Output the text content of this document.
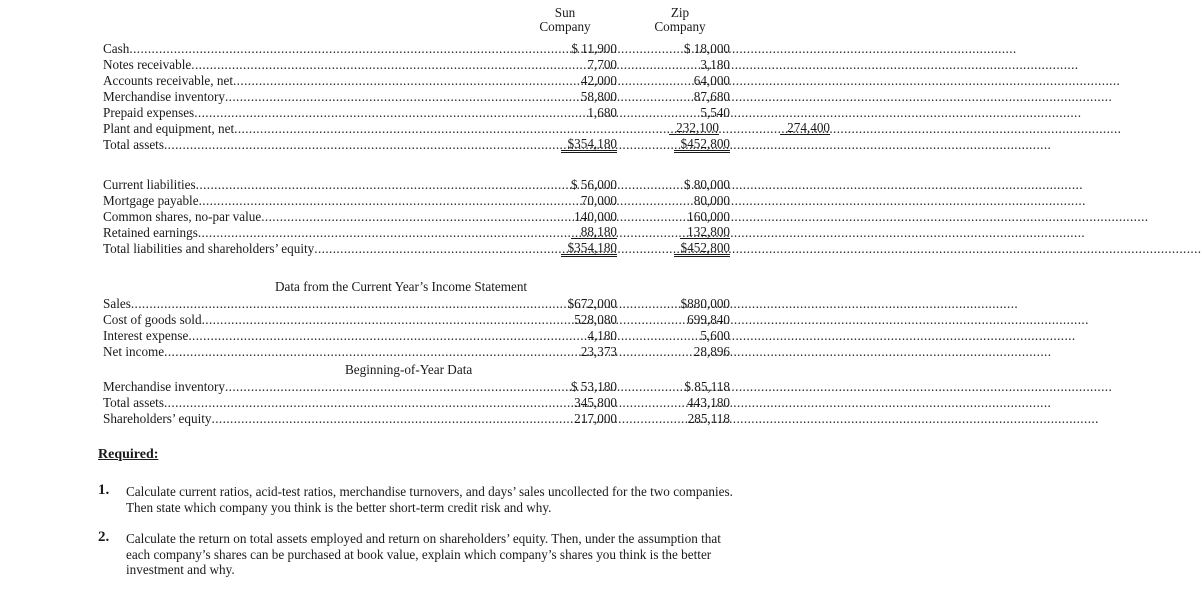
Sun
Company
Zip
Company
Cash .....	$ 11,900	$ 18,000
Notes receivable .....	7,700	3,180
Accounts receivable, net .....	42,000	64,000
Merchandise inventory .....	58,800	87,680
Prepaid expenses .....	1,680	5,540
Plant and equipment, net .....	232,100	274,400
Total assets .....	$354,180	$452,800
Current liabilities .....	$ 56,000	$ 80,000
Mortgage payable .....	70,000	80,000
Common shares, no-par value .....	140,000	160,000
Retained earnings .....	88,180	132,800
Total liabilities and shareholders’ equity .....	$354,180	$452,800
Data from the Current Year’s Income Statement
Sales .....	$672,000	$880,000
Cost of goods sold .....	528,080	699,840
Interest expense .....	4,180	5,600
Net income .....	23,373	28,896
Beginning-of-Year Data
Merchandise inventory .....	$ 53,180	$ 85,118
Total assets .....	345,800	443,180
Shareholders’ equity .....	217,000	285,118
Required:
1. Calculate current ratios, acid-test ratios, merchandise turnovers, and days’ sales uncollected for the two companies. Then state which company you think is the better short-term credit risk and why.
2. Calculate the return on total assets employed and return on shareholders’ equity. Then, under the assumption that each company’s shares can be purchased at book value, explain which company’s shares you think is the better investment and why.
